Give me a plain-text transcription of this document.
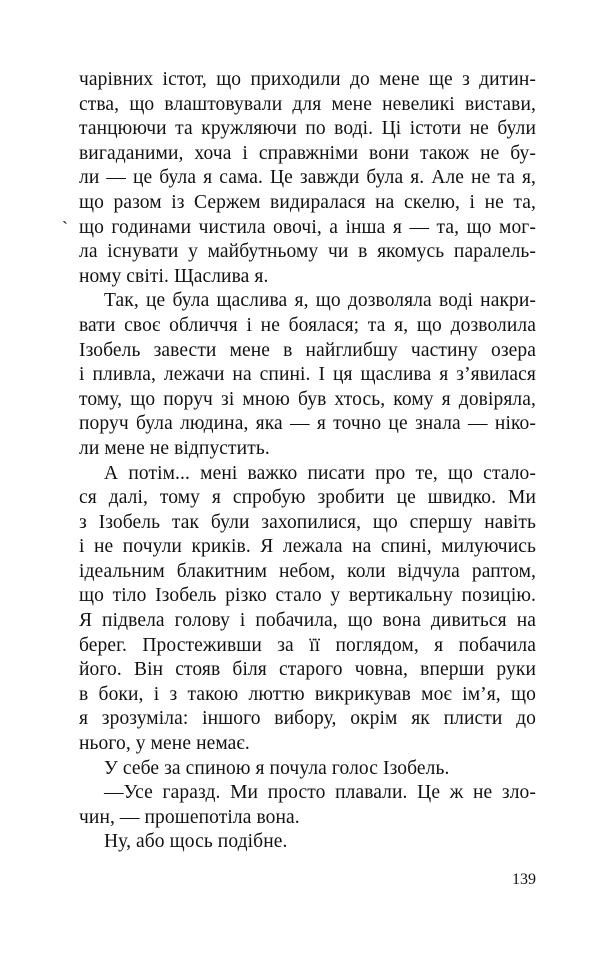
`
чарівних істот, що приходили до мене ще з дитин-
ства, що влаштовували для мене невеликі вистави,
танцюючи та кружляючи по воді. Ці істоти не були
вигаданими, хоча і справжніми вони також не бу-
ли — це була я сама. Це завжди була я. Але не та я,
що разом із Сержем видиралася на скелю, і не та,
що годинами чистила овочі, а інша я — та, що мог-
ла існувати у майбутньому чи в якомусь паралель-
ному світі. Щаслива я.
Так, це була щаслива я, що дозволяла воді накри-
вати своє обличчя і не боялася; та я, що дозволила
Ізобель завести мене в найглибшу частину озера
і пливла, лежачи на спині. І ця щаслива я з’явилася
тому, що поруч зі мною був хтось, кому я довіряла,
поруч була людина, яка — я точно це знала — ніко-
ли мене не відпустить.
А потім... мені важко писати про те, що стало-
ся далі, тому я спробую зробити це швидко. Ми
з Ізобель так були захопилися, що спершу навіть
і не почули криків. Я лежала на спині, милуючись
ідеальним блакитним небом, коли відчула раптом,
що тіло Ізобель різко стало у вертикальну позицію.
Я підвела голову і побачила, що вона дивиться на
берег. Простеживши за її поглядом, я побачила
його. Він стояв біля старого човна, вперши руки
в боки, і з такою люттю викрикував моє ім’я, що
я зрозуміла: іншого вибору, окрім як плисти до
нього, у мене немає.
У себе за спиною я почула голос Ізобель.
—Усе гаразд. Ми просто плавали. Це ж не зло-
чин, — прошепотіла вона.
Ну, або щось подібне.
139
